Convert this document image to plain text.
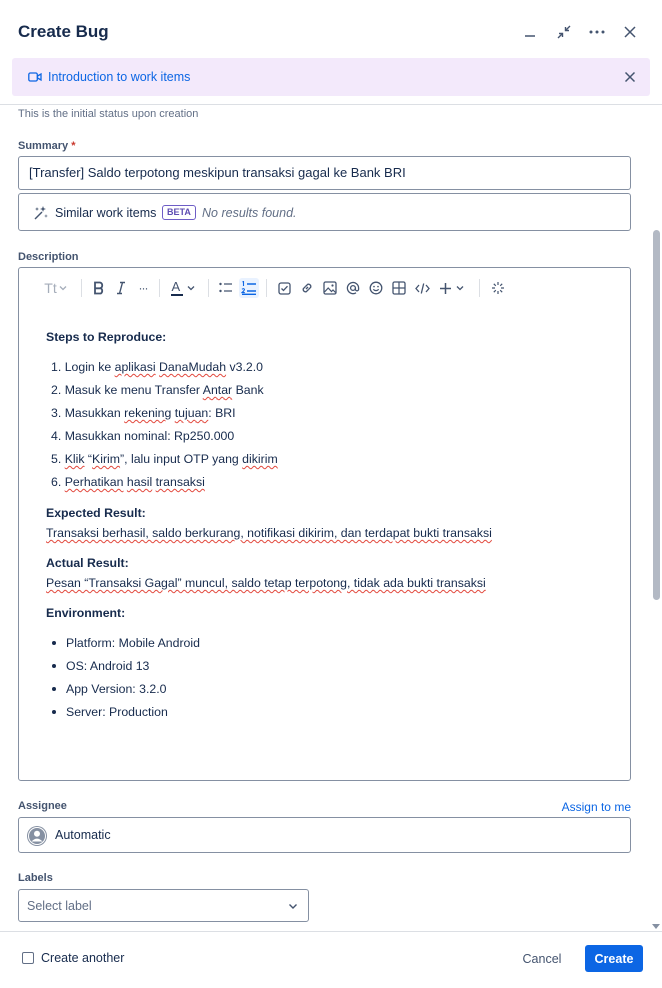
Create Bug
Introduction to work items
This is the initial status upon creation
Summary *
[Transfer] Saldo terpotong meskipun transaksi gagal ke Bank BRI
Similar work items	BETA No results found.
Description
Tt	··· A
Steps to Reproduce:
1. Login ke aplikasi DanaMudah v3.2.0
2. Masuk ke menu Transfer Antar Bank
3. Masukkan rekening tujuan: BRI
4. Masukkan nominal: Rp250.000
5. Klik “Kirim”, lalu input OTP yang dikirim
6. Perhatikan hasil transaksi
Expected Result:
Transaksi berhasil, saldo berkurang, notifikasi dikirim, dan terdapat bukti transaksi
Actual Result:
Pesan “Transaksi Gagal” muncul, saldo tetap terpotong, tidak ada bukti transaksi
Environment:
Platform: Mobile Android
OS: Android 13
App Version: 3.2.0
Server: Production
Assignee	Assign to me
Automatic
Labels
Select label
Create another	Cancel	Create
